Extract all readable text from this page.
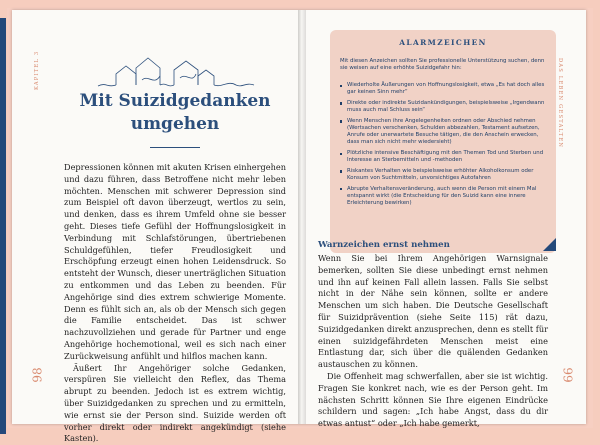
KAPITEL 3
98
Mit Suizidgedanken
umgehen

Depressionen können mit akuten Krisen einhergehen und dazu führen, dass Betroffene nicht mehr leben möchten. Menschen mit schwerer Depression sind zum Beispiel oft davon überzeugt, wertlos zu sein, und denken, dass es ihrem Umfeld ohne sie besser geht. Dieses tiefe Gefühl der Hoffnungslosigkeit in Verbindung mit Schlafstörungen, übertriebenen Schuldgefühlen, tiefer Freudlosigkeit und Erschöpfung erzeugt einen hohen Leidensdruck. So entsteht der Wunsch, dieser unerträglichen Situation zu entkommen und das Leben zu beenden. Für Angehörige sind dies extrem schwierige Momente. Denn es fühlt sich an, als ob der Mensch sich gegen die Familie entscheidet. Das ist schwer nachzuvollziehen und gerade für Partner und enge Angehörige hochemotional, weil es sich nach einer Zurückweisung anfühlt und hilflos machen kann.

Äußert Ihr Angehöriger solche Gedanken, verspüren Sie vielleicht den Reflex, das Thema abrupt zu beenden. Jedoch ist es extrem wichtig, über Suizidgedanken zu sprechen und zu ermitteln, wie ernst sie der Person sind. Suizide werden oft vorher direkt oder indirekt angekündigt (siehe Kasten).

DAS LEBEN GESTALTEN
99
ALARMZEICHEN
Mit diesen Anzeichen sollten Sie professionelle Unterstützung suchen, denn sie weisen auf eine erhöhte Suizidgefahr hin:
Wiederholte Äußerungen von Hoffnungslosigkeit, etwa „Es hat doch alles gar keinen Sinn mehr“
Direkte oder indirekte Suizidankündigungen, beispielsweise „Irgendwann muss auch mal Schluss sein“
Wenn Menschen ihre Angelegenheiten ordnen oder Abschied nehmen (Wertsachen verschenken, Schulden abbezahlen, Testament aufsetzen, Anrufe oder unerwartete Besuche tätigen, die den Anschein erwecken, dass man sich nicht mehr wiedersieht)
Plötzliche intensive Beschäftigung mit den Themen Tod und Sterben und Interesse an Sterbemitteln und -methoden
Riskantes Verhalten wie beispielsweise erhöhter Alkoholkonsum oder Konsum von Suchtmitteln, unvorsichtiges Autofahren
Abrupte Verhaltensveränderung, auch wenn die Person mit einem Mal entspannt wirkt (die Entscheidung für den Suizid kann eine innere Erleichterung bewirken)
Warnzeichen ernst nehmen

Wenn Sie bei Ihrem Angehörigen Warnsignale bemerken, sollten Sie diese unbedingt ernst nehmen und ihn auf keinen Fall allein lassen. Falls Sie selbst nicht in der Nähe sein können, sollte er andere Menschen um sich haben. Die Deutsche Gesellschaft für Suizidprävention (siehe Seite 115) rät dazu, Suizidgedanken direkt anzusprechen, denn es stellt für einen suizidgefährdeten Menschen meist eine Entlastung dar, sich über die quälenden Gedanken austauschen zu können.

Die Offenheit mag schwerfallen, aber sie ist wichtig. Fragen Sie konkret nach, wie es der Person geht. Im nächsten Schritt können Sie Ihre eigenen Eindrücke schildern und sagen: „Ich habe Angst, dass du dir etwas antust“ oder „Ich habe gemerkt,
